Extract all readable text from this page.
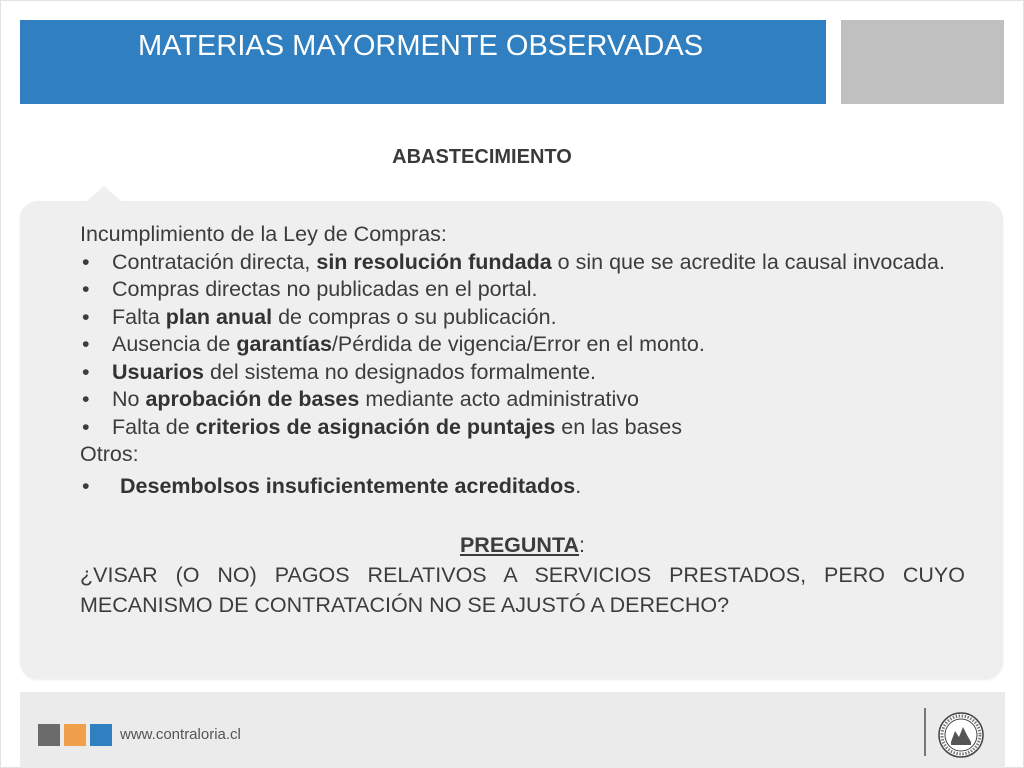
MATERIAS MAYORMENTE OBSERVADAS
ABASTECIMIENTO

Incumplimiento de la Ley de Compras:

• Contratación directa, sin resolución fundada o sin que se acredite la causal invocada.

• Compras directas no publicadas en el portal.

• Falta plan anual de compras o su publicación.

• Ausencia de garantías/Pérdida de vigencia/Error en el monto.

• Usuarios del sistema no designados formalmente.

• No aprobación de bases mediante acto administrativo

• Falta de criterios de asignación de puntajes en las bases

Otros:

• Desembolsos insuficientemente acreditados.

PREGUNTA:

¿VISAR (O NO) PAGOS RELATIVOS A SERVICIOS PRESTADOS, PERO CUYO MECANISMO DE CONTRATACIÓN NO SE AJUSTÓ A DERECHO?

www.contraloria.cl
